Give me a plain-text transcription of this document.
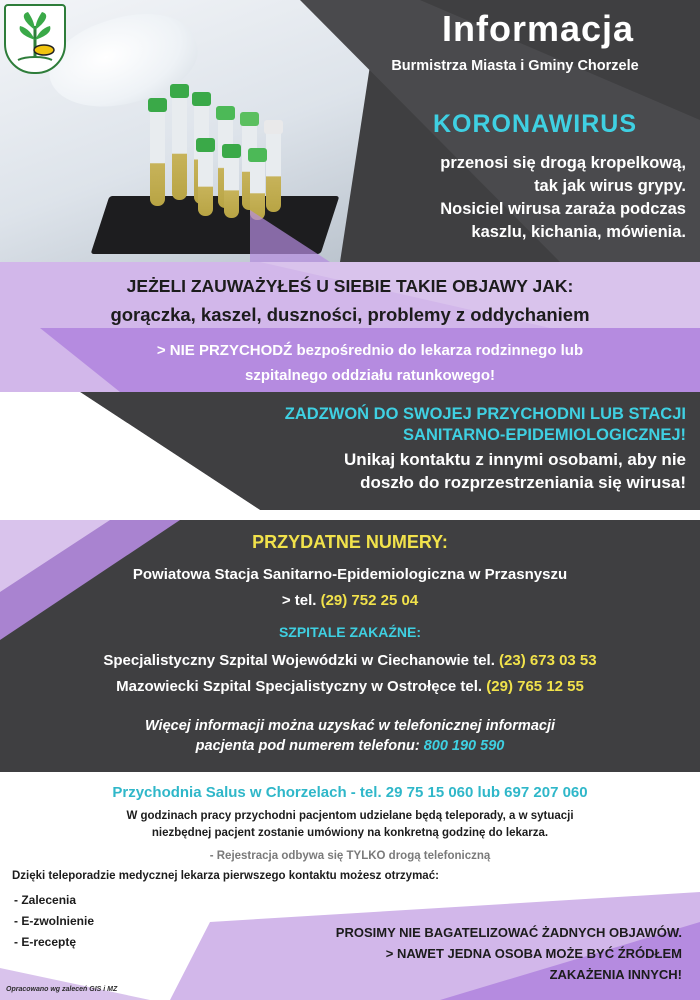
Informacja
Burmistrza Miasta i Gminy Chorzele
KORONAWIRUS
przenosi się drogą kropelkową,
tak jak wirus grypy.
Nosiciel wirusa zaraża podczas
kaszlu, kichania, mówienia.
JEŻELI ZAUWAŻYŁEŚ U SIEBIE TAKIE OBJAWY JAK:
gorączka, kaszel, duszności, problemy z oddychaniem
> NIE PRZYCHODŹ bezpośrednio do lekarza rodzinnego lub
szpitalnego oddziału ratunkowego!
ZADZWOŃ DO SWOJEJ PRZYCHODNI LUB STACJI
SANITARNO-EPIDEMIOLOGICZNEJ!
Unikaj kontaktu z innymi osobami, aby nie
doszło do rozprzestrzeniania się wirusa!
PRZYDATNE NUMERY:
Powiatowa Stacja Sanitarno-Epidemiologiczna w Przasnyszu
> tel. (29) 752 25 04
SZPITALE ZAKAŹNE:
Specjalistyczny Szpital Wojewódzki w Ciechanowie tel. (23) 673 03 53
Mazowiecki Szpital Specjalistyczny w Ostrołęce tel. (29) 765 12 55
Więcej informacji można uzyskać w telefonicznej informacji
pacjenta pod numerem telefonu: 800 190 590
Przychodnia Salus w Chorzelach - tel. 29 75 15 060 lub 697 207 060
W godzinach pracy przychodni pacjentom udzielane będą teleporady, a w sytuacji
niezbędnej pacjent zostanie umówiony na konkretną godzinę do lekarza.
- Rejestracja odbywa się TYLKO drogą telefoniczną
Dzięki teleporadzie medycznej lekarza pierwszego kontaktu możesz otrzymać:
- Zalecenia
- E-zwolnienie
- E-receptę
PROSIMY NIE BAGATELIZOWAĆ ŻADNYCH OBJAWÓW.
> NAWET JEDNA OSOBA MOŻE BYĆ ŹRÓDŁEM
ZAKAŻENIA INNYCH!
Opracowano wg zaleceń GIS i MZ
